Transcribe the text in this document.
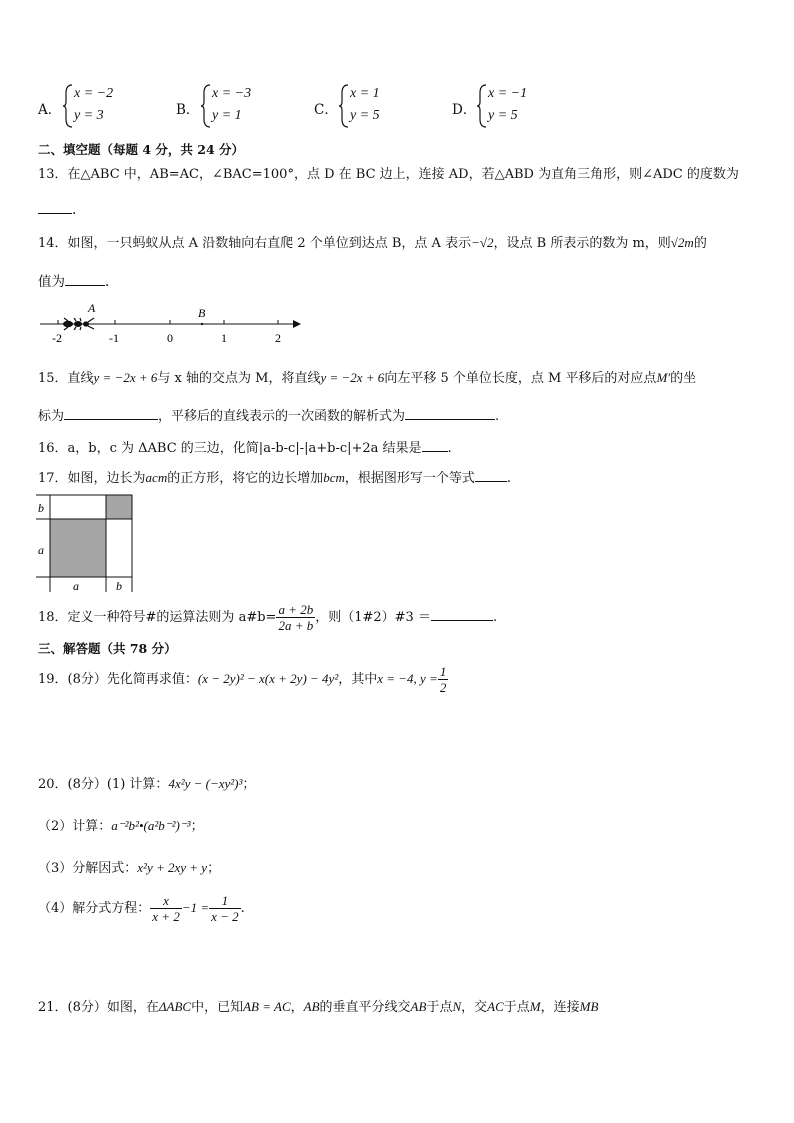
A．
x = −2
y = 3	B．
x = −3
y = 1	C．
x = 1
y = 5	D．
x = −1
y = 5
二、填空题（每题 4 分，共 24 分）
13．在△ABC 中，AB=AC，∠BAC=100°，点 D 在 BC 边上，连接 AD，若△ABD 为直角三角形，则∠ADC 的度数为
.
14．如图，一只蚂蚁从点 A 沿数轴向右直爬 2 个单位到达点 B，点 A 表示−√2，设点 B 所表示的数为 m，则√2m的
值为	.
-2	-1	0	1	2
A	B
15．直线y = −2x + 6与 x 轴的交点为 M，将直线y = −2x + 6向左平移 5 个单位长度，点 M 平移后的对应点M′的坐
标为	，平移后的直线表示的一次函数的解析式为	.
16．a，b，c 为 ΔABC 的三边，化简|a-b-c|-|a+b-c|+2a 结果是 .
17．如图，边长为acm的正方形，将它的边长增加bcm，根据图形写一个等式 .
b
a
a	b
18．定义一种符号#的运算法则为 a#b= $\frac{a + 2b}{2a + b}$ ，则（1#2）#3 ＝	.
三、解答题（共 78 分）
19．(8分）先化简再求值：(x − 2y)² − x(x + 2y) − 4y²，其中x = −4, $y = \frac{1}{2}$
20．(8分）(1) 计算：4x²y − (−xy²)³；
（2）计算：a⁻²b²•(a²b⁻²)⁻³；
（3）分解因式：x²y + 2xy + y；
（4）解分式方程： $\frac{x}{x + 2} -1 = \frac{1}{x - 2}$ .
21．(8分）如图，在ΔABC中，已知AB = AC，AB的垂直平分线交AB于点N，交AC于点M，连接MB
